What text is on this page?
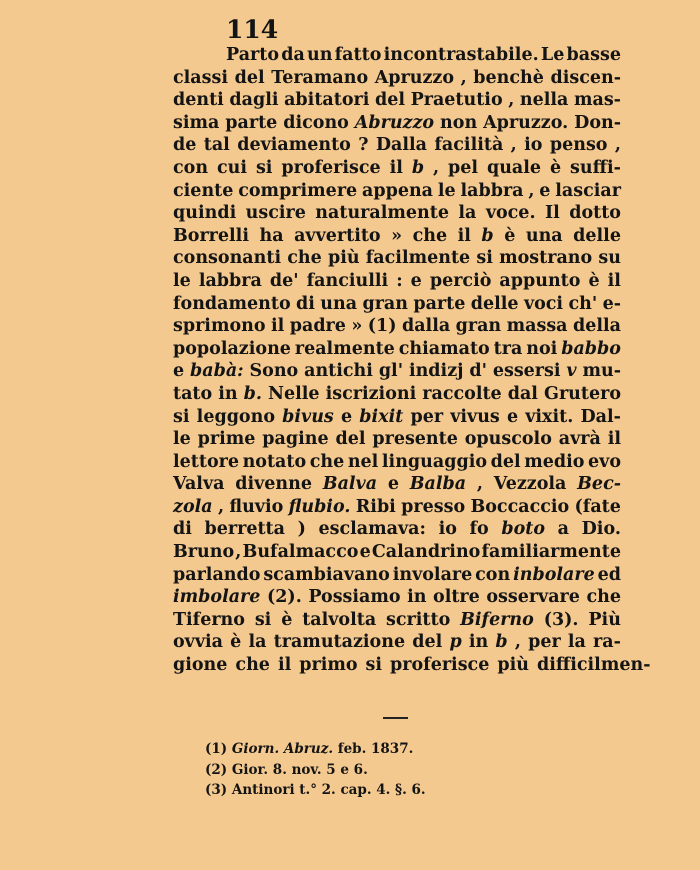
114
Parto da un fatto incontrastabile. Le basse
classi del Teramano Apruzzo , benchè discen-
denti dagli abitatori del Praetutio , nella mas-
sima parte dicono Abruzzo non Apruzzo. Don-
de tal deviamento ? Dalla facilità , io penso ,
con cui si proferisce il b , pel quale è suffi-
ciente comprimere appena le labbra , e lasciar
quindi uscire naturalmente la voce. Il dotto
Borrelli ha avvertito » che il b è una delle
consonanti che più facilmente si mostrano su
le labbra de' fanciulli : e perciò appunto è il
fondamento di una gran parte delle voci ch' e-
sprimono il padre » (1) dalla gran massa della
popolazione realmente chiamato tra noi babbo
e babà: Sono antichi gl' indizj d' essersi v mu-
tato in b. Nelle iscrizioni raccolte dal Grutero
si leggono bivus e bixit per vivus e vixit. Dal-
le prime pagine del presente opuscolo avrà il
lettore notato che nel linguaggio del medio evo
Valva divenne Balva e Balba , Vezzola Bec-
zola , fluvio flubio. Ribi presso Boccaccio (fate
di berretta ) esclamava: io fo boto a Dio.
Bruno , Bufalmacco e Calandrino familiarmente
parlando scambiavano involare con inbolare ed
imbolare (2). Possiamo in oltre osservare che
Tiferno si è talvolta scritto Biferno (3). Più
ovvia è la tramutazione del p in b , per la ra-
gione che il primo si proferisce più difficilmen-
(1) Giorn. Abruz. feb. 1837.
(2) Gior. 8. nov. 5 e 6.
(3) Antinori t.° 2. cap. 4. §. 6.
